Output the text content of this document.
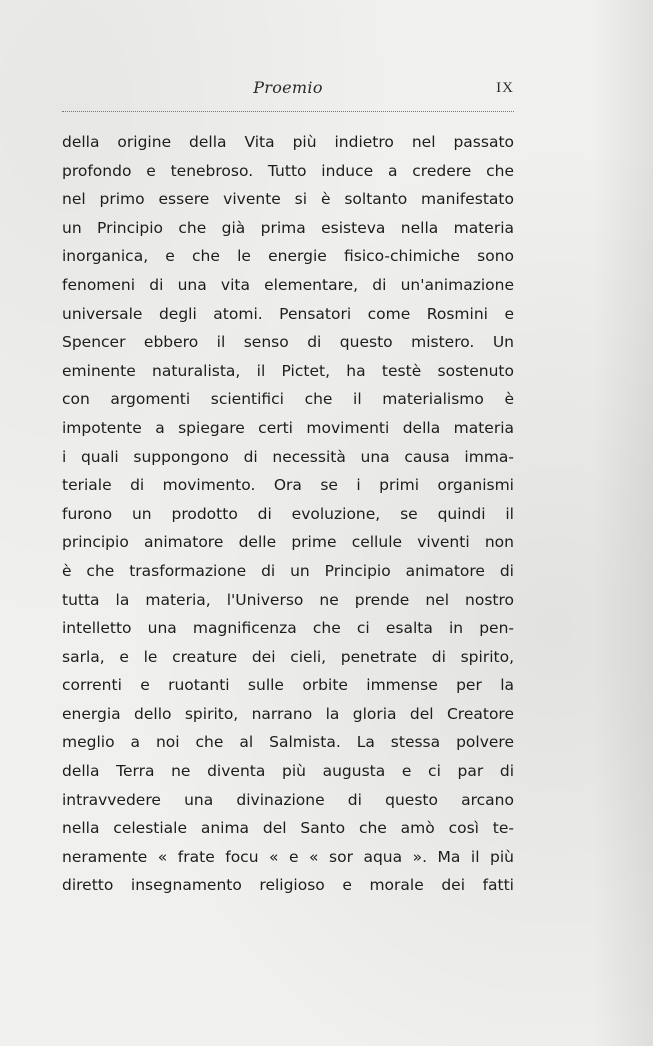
Proemio	IX
della origine della Vita più indietro nel passato
profondo e tenebroso. Tutto induce a credere che
nel primo essere vivente si è soltanto manifestato
un Principio che già prima esisteva nella materia
inorganica, e che le energie fisico-chimiche sono
fenomeni di una vita elementare, di un'animazione
universale degli atomi. Pensatori come Rosmini e
Spencer ebbero il senso di questo mistero. Un
eminente naturalista, il Pictet, ha testè sostenuto
con argomenti scientifici che il materialismo è
impotente a spiegare certi movimenti della materia
i quali suppongono di necessità una causa imma-
teriale di movimento. Ora se i primi organismi
furono un prodotto di evoluzione, se quindi il
principio animatore delle prime cellule viventi non
è che trasformazione di un Principio animatore di
tutta la materia, l'Universo ne prende nel nostro
intelletto una magnificenza che ci esalta in pen-
sarla, e le creature dei cieli, penetrate di spirito,
correnti e ruotanti sulle orbite immense per la
energia dello spirito, narrano la gloria del Creatore
meglio a noi che al Salmista. La stessa polvere
della Terra ne diventa più augusta e ci par di
intravvedere una divinazione di questo arcano
nella celestiale anima del Santo che amò così te-
neramente « frate focu « e « sor aqua ». Ma il più
diretto insegnamento religioso e morale dei fatti
